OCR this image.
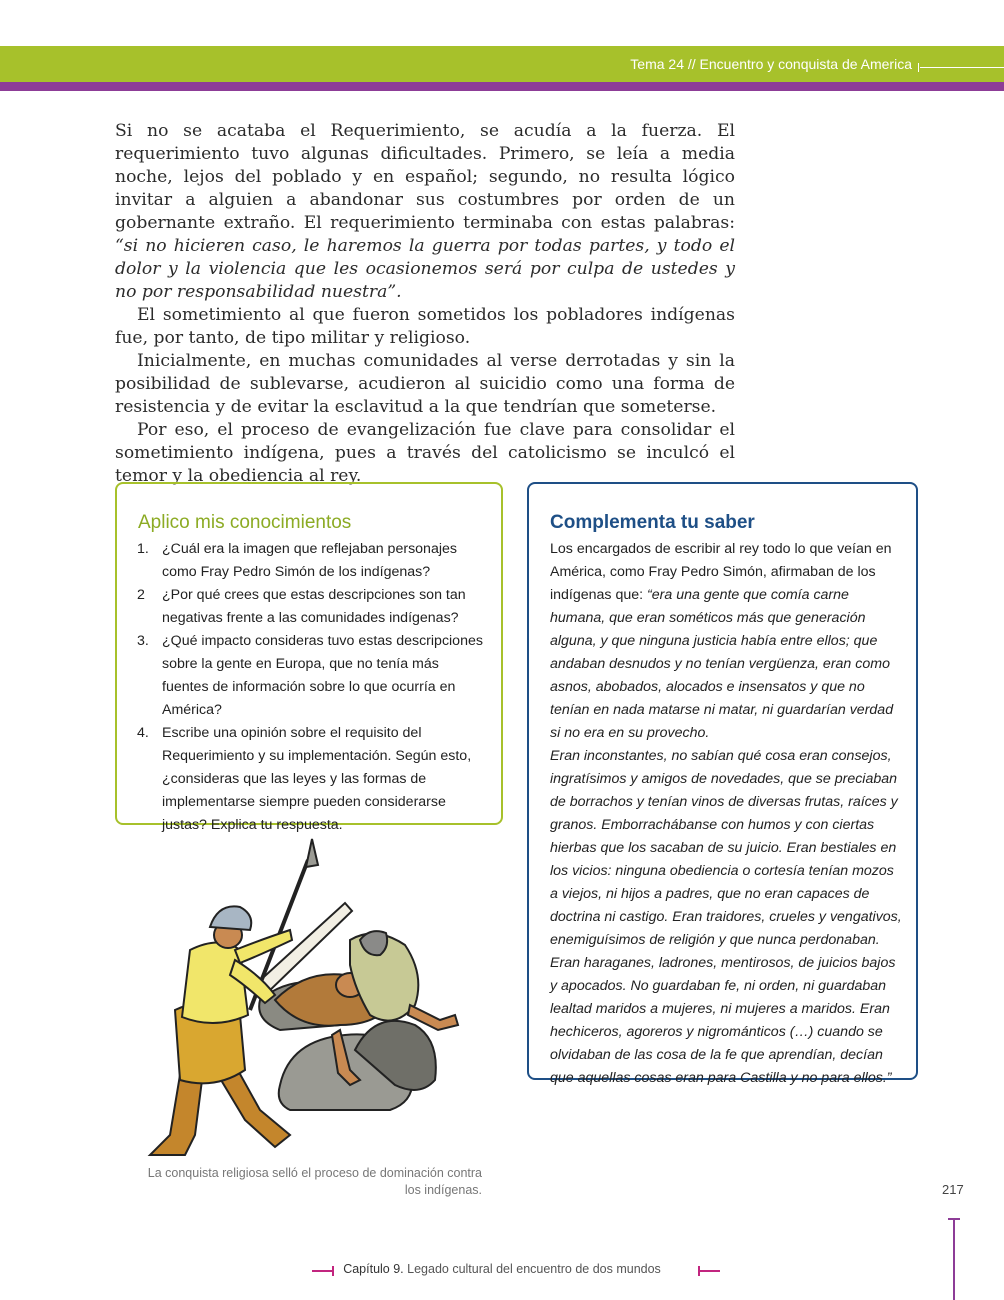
Tema 24 // Encuentro y conquista de America

Si no se acataba el Requerimiento, se acudía a la fuerza. El requerimiento tuvo algunas dificultades. Primero, se leía a media noche, lejos del poblado y en español; segundo, no resulta lógico invitar a alguien a abandonar sus costumbres por orden de un gobernante extraño. El requerimiento terminaba con estas palabras: “si no hicieren caso, le haremos la guerra por todas partes, y todo el dolor y la violencia que les ocasionemos será por culpa de ustedes y no por responsabilidad nuestra”.

El sometimiento al que fueron sometidos los pobladores indígenas fue, por tanto, de tipo militar y religioso.

Inicialmente, en muchas comunidades al verse derrotadas y sin la posibilidad de sublevarse, acudieron al suicidio como una forma de resistencia y de evitar la esclavitud a la que tendrían que someterse.

Por eso, el proceso de evangelización fue clave para consolidar el sometimiento indígena, pues a través del catolicismo se inculcó el temor y la obediencia al rey.

Aplico mis conocimientos
1. ¿Cuál era la imagen que reflejaban personajes como Fray Pedro Simón de los indígenas?
2 ¿Por qué crees que estas descripciones son tan negativas frente a las comunidades indígenas?
3. ¿Qué impacto consideras tuvo estas descripciones sobre la gente en Europa, que no tenía más fuentes de información sobre lo que ocurría en América?
4. Escribe una opinión sobre el requisito del Requerimiento y su implementación. Según esto, ¿consideras que las leyes y las formas de implementarse siempre pueden considerarse justas? Explica tu respuesta.
Complementa tu saber

Los encargados de escribir al rey todo lo que veían en América, como Fray Pedro Simón, afirmaban de los indígenas que: “era una gente que comía carne humana, que eran sométicos más que generación alguna, y que ninguna justicia había entre ellos; que andaban desnudos y no tenían vergüenza, eran como asnos, abobados, alocados e insensatos y que no tenían en nada matarse ni matar, ni guardarían verdad si no era en su provecho.

Eran inconstantes, no sabían qué cosa eran consejos, ingratísimos y amigos de novedades, que se preciaban de borrachos y tenían vinos de diversas frutas, raíces y granos. Emborrachábanse con humos y con ciertas hierbas que los sacaban de su juicio. Eran bestiales en los vicios: ninguna obediencia o cortesía tenían mozos a viejos, ni hijos a padres, que no eran capaces de doctrina ni castigo. Eran traidores, crueles y vengativos, enemiguísimos de religión y que nunca perdonaban. Eran haraganes, ladrones, mentirosos, de juicios bajos y apocados. No guardaban fe, ni orden, ni guardaban lealtad maridos a mujeres, ni mujeres a maridos. Eran hechiceros, agoreros y nigrománticos (…) cuando se olvidaban de las cosa de la fe que aprendían, decían que aquellas cosas eran para Castilla y no para ellos.”

La conquista religiosa selló el proceso de dominación contra los indígenas.	217
Capítulo 9. Legado cultural del encuentro de dos mundos
